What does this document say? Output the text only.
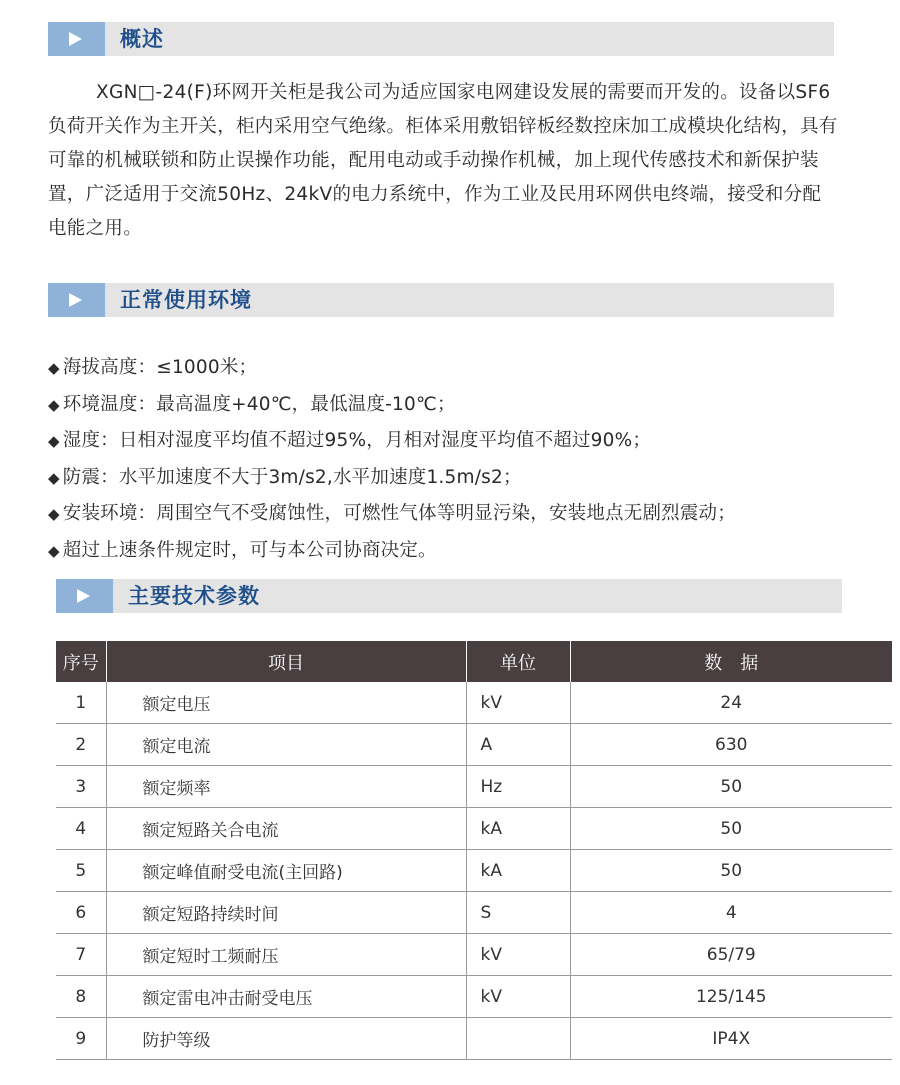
概述

XGN□-24(F)环网开关柜是我公司为适应国家电网建设发展的需要而开发的。设备以SF6负荷开关作为主开关，柜内采用空气绝缘。柜体采用敷铝锌板经数控床加工成模块化结构，具有可靠的机械联锁和防止误操作功能，配用电动或手动操作机械，加上现代传感技术和新保护装置，广泛适用于交流50Hz、24kV的电力系统中，作为工业及民用环网供电终端，接受和分配电能之用。

正常使用环境
◆ 海拔高度：≤1000米；
◆ 环境温度：最高温度+40℃，最低温度-10℃；
◆ 湿度：日相对湿度平均值不超过95%，月相对湿度平均值不超过90%；
◆ 防震：水平加速度不大于3m/s2,水平加速度1.5m/s2；
◆ 安装环境：周围空气不受腐蚀性，可燃性气体等明显污染，安装地点无剧烈震动；
◆ 超过上速条件规定时，可与本公司协商决定。
主要技术参数
序号	项目	单位	数　据
1	额定电压	kV	24
2	额定电流	A	630
3	额定频率	Hz	50
4	额定短路关合电流	kA	50
5	额定峰值耐受电流(主回路)	kA	50
6	额定短路持续时间	S	4
7	额定短时工频耐压	kV	65/79
8	额定雷电冲击耐受电压	kV	125/145
9	防护等级		IP4X
